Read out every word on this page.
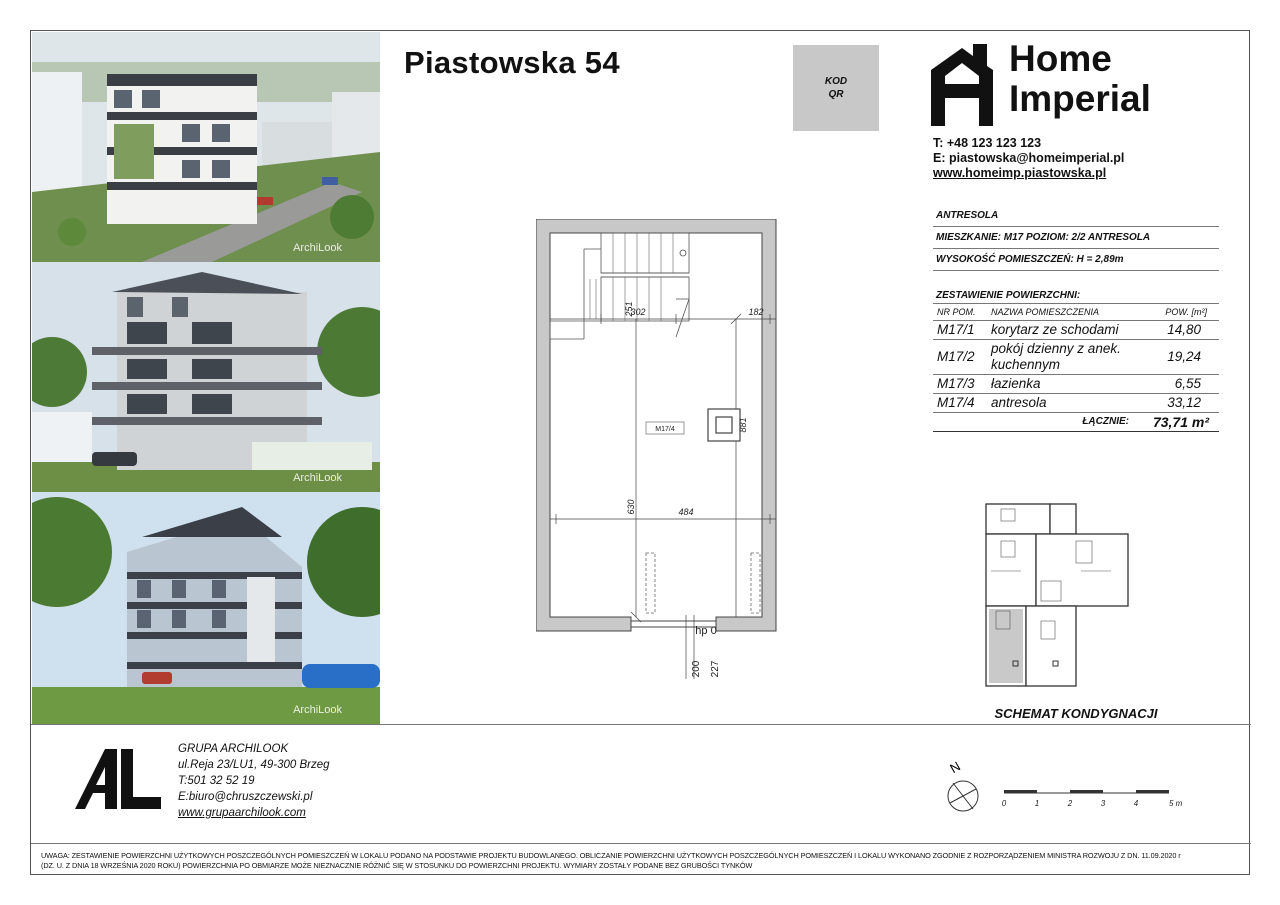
ArchiLook
ArchiLook
ArchiLook
Piastowska 54
KOD
QR
Home
Imperial
T: +48 123 123 123
E: piastowska@homeimperial.pl
www.homeimp.piastowska.pl
ANTRESOLA
MIESZKANIE: M17 POZIOM: 2/2 ANTRESOLA
WYSOKOŚĆ POMIESZCZEŃ: H = 2,89m
ZESTAWIENIE POWIERZCHNI:
NR POM.	NAZWA POMIESZCZENIA	POW. [m²]
M17/1	korytarz ze schodami	14,80
M17/2	pokój dzienny z anek. kuchennym	19,24
M17/3	łazienka	6,55
M17/4	antresola	33,12
	ŁĄCZNIE:	73,71 m²
302	182
484
251
881
630
M17/4
hp 0
200 227
SCHEMAT KONDYGNACJI
N
0	1	2	3	4	5 m
GRUPA ARCHILOOK
ul.Reja 23/LU1, 49-300 Brzeg
T:501 32 52 19
E:biuro@chruszczewski.pl
www.grupaarchilook.com
UWAGA: ZESTAWIENIE POWIERZCHNI UŻYTKOWYCH POSZCZEGÓLNYCH POMIESZCZEŃ W LOKALU PODANO NA PODSTAWIE PROJEKTU BUDOWLANEGO. OBLICZANIE POWIERZCHNI UŻYTKOWYCH POSZCZEGÓLNYCH POMIESZCZEŃ I LOKALU WYKONANO ZGODNIE Z ROZPORZĄDZENIEM MINISTRA ROZWOJU Z DN. 11.09.2020 r
(DZ. U. Z DNIA 18 WRZEŚNIA 2020 ROKU) POWIERZCHNIA PO OBMIARZE MOŻE NIEZNACZNIE RÓŻNIĆ SIĘ W STOSUNKU DO POWIERZCHNI PROJEKTU. WYMIARY ZOSTAŁY PODANE BEZ GRUBOŚCI TYNKÓW
